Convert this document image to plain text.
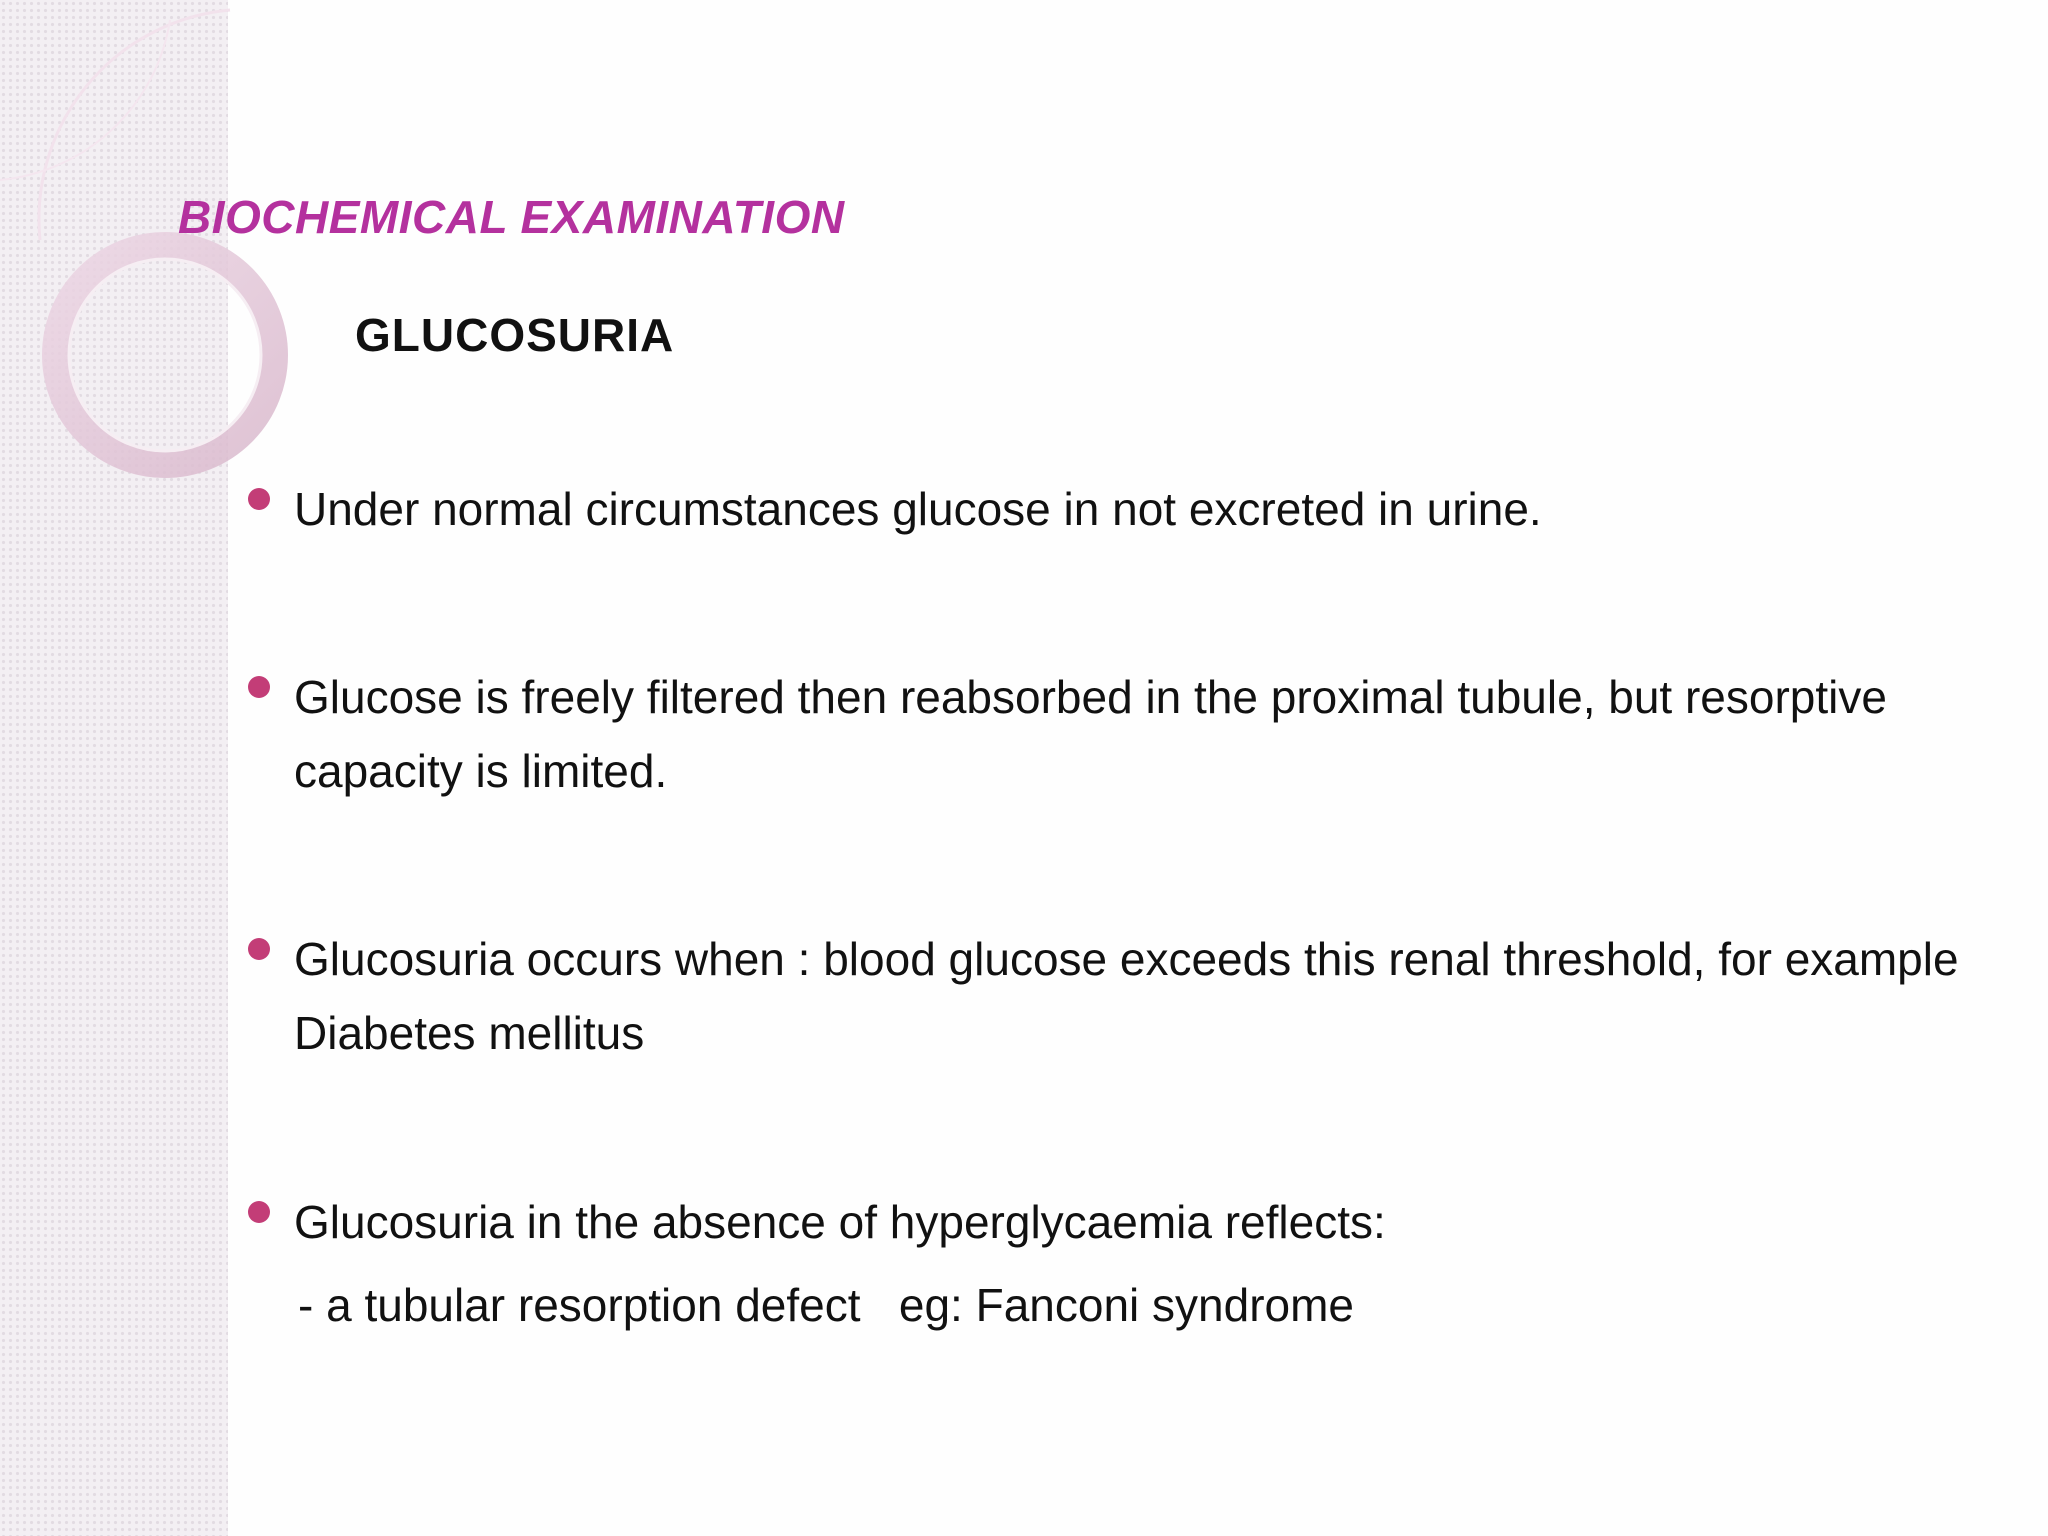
BIOCHEMICAL EXAMINATION
GLUCOSURIA

Under normal circumstances glucose in not excreted in urine.

Glucose is freely filtered then reabsorbed in the proximal tubule, but resorptive capacity is limited.

Glucosuria occurs when : blood glucose exceeds this renal threshold, for example Diabetes mellitus

Glucosuria in the absence of hyperglycaemia reflects:

- a tubular resorption defect   eg: Fanconi syndrome
